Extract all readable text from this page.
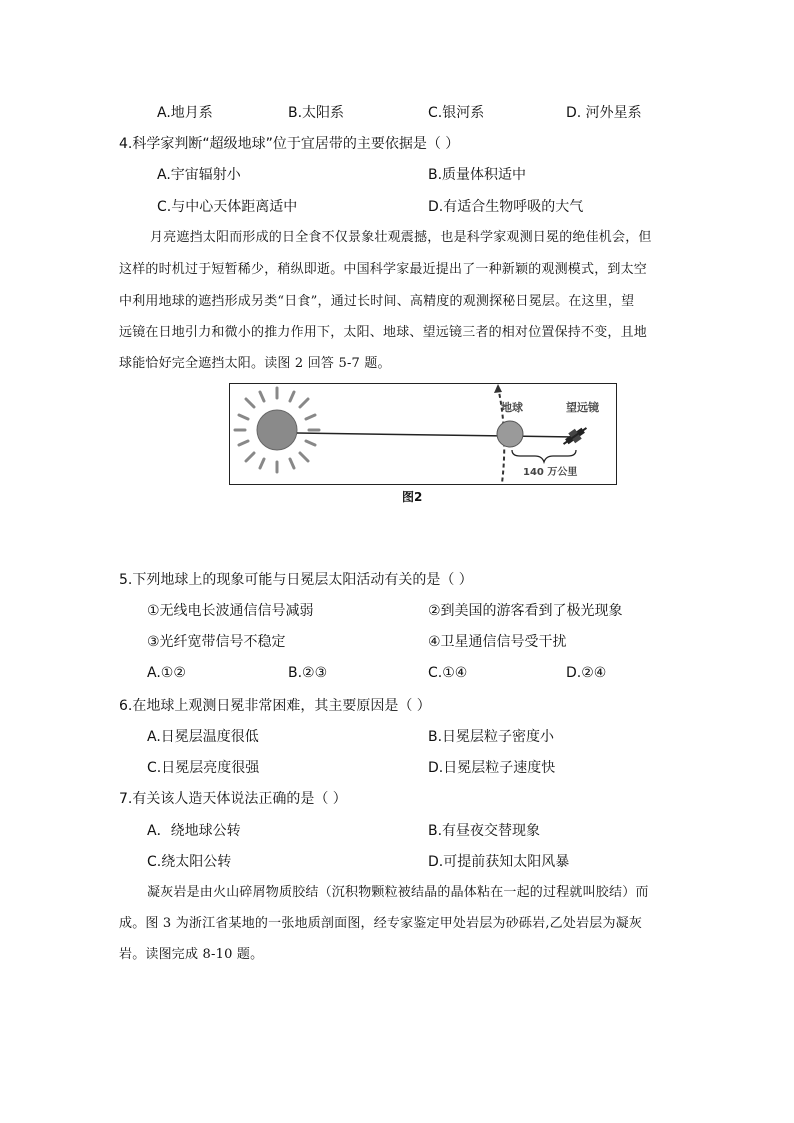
A.地月系	B.太阳系	C.银河系	D. 河外星系
4.科学家判断“超级地球”位于宜居带的主要依据是（ ）
A.宇宙辐射小	B.质量体积适中
C.与中心天体距离适中	D.有适合生物呼吸的大气
月亮遮挡太阳而形成的日全食不仅景象壮观震撼，也是科学家观测日冕的绝佳机会，但
这样的时机过于短暂稀少，稍纵即逝。中国科学家最近提出了一种新颖的观测模式，到太空
中利用地球的遮挡形成另类“日食”，通过长时间、高精度的观测探秘日冕层。在这里，望
远镜在日地引力和微小的推力作用下，太阳、地球、望远镜三者的相对位置保持不变，且地
球能恰好完全遮挡太阳。读图 2 回答 5-7 题。
地球	望远镜
140 万公里
图2
5.下列地球上的现象可能与日冕层太阳活动有关的是（ ）
①无线电长波通信信号减弱	②到美国的游客看到了极光现象
③光纤宽带信号不稳定	④卫星通信信号受干扰
A.①②	B.②③	C.①④	D.②④
6.在地球上观测日冕非常困难，其主要原因是（ ）
A.日冕层温度很低	B.日冕层粒子密度小
C.日冕层亮度很强	D.日冕层粒子速度快
7.有关该人造天体说法正确的是（ ）
A．绕地球公转	B.有昼夜交替现象
C.绕太阳公转	D.可提前获知太阳风暴
凝灰岩是由火山碎屑物质胶结（沉积物颗粒被结晶的晶体粘在一起的过程就叫胶结）而
成。图 3 为浙江省某地的一张地质剖面图，经专家鉴定甲处岩层为砂砾岩,乙处岩层为凝灰
岩。读图完成 8-10 题。
